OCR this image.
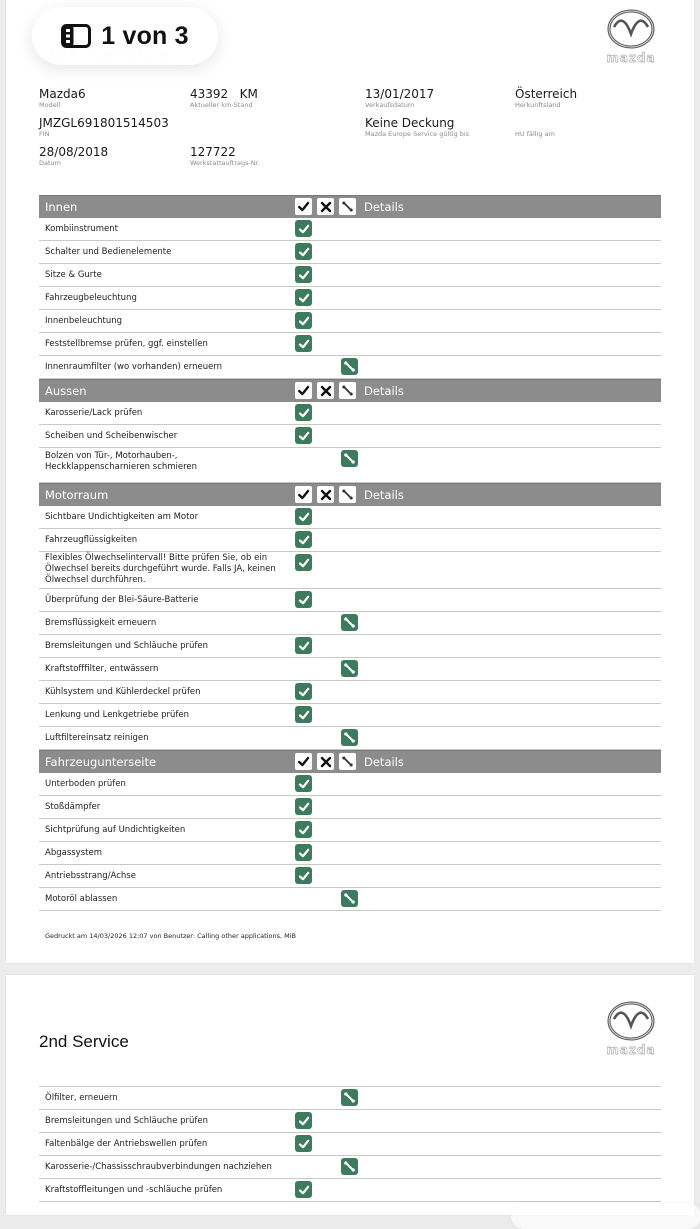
1 von 3
mazda
Mazda6
Modell
43392   KM
Aktueller km-Stand
13/01/2017
Verkaufsdatum
Österreich
Herkunftsland
JMZGL691801514503
FIN
Keine Deckung
Mazda Europe Service gültig bis
	HU fällig am
28/08/2018
Datum
127722
Werkstattauftrags-Nr.
Innen	Details
Kombiinstrument
Schalter und Bedienelemente
Sitze & Gurte
Fahrzeugbeleuchtung
Innenbeleuchtung
Feststellbremse prüfen, ggf. einstellen
Innenraumfilter (wo vorhanden) erneuern
Aussen	Details
Karosserie/Lack prüfen
Scheiben und Scheibenwischer
Bolzen von Tür-, Motorhauben-, Heckklappenscharnieren schmieren
Motorraum	Details
Sichtbare Undichtigkeiten am Motor
Fahrzeugflüssigkeiten
Flexibles Ölwechselintervall! Bitte prüfen Sie, ob ein Ölwechsel bereits durchgeführt wurde. Falls JA, keinen Ölwechsel durchführen.
Überprüfung der Blei-Säure-Batterie
Bremsflüssigkeit erneuern
Bremsleitungen und Schläuche prüfen
Kraftstofffilter, entwässern
Kühlsystem und Kühlerdeckel prüfen
Lenkung und Lenkgetriebe prüfen
Luftfiltereinsatz reinigen
Fahrzeugunterseite	Details
Unterboden prüfen
Stoßdämpfer
Sichtprüfung auf Undichtigkeiten
Abgassystem
Antriebsstrang/Achse
Motoröl ablassen
Gedruckt am 14/03/2026 12:07 von Benutzer: Calling other applications, MiB
2nd Service	mazda
Ölfilter, erneuern
Bremsleitungen und Schläuche prüfen
Faltenbälge der Antriebswellen prüfen
Karosserie-/Chassisschraubverbindungen nachziehen
Kraftstoffleitungen und -schläuche prüfen
